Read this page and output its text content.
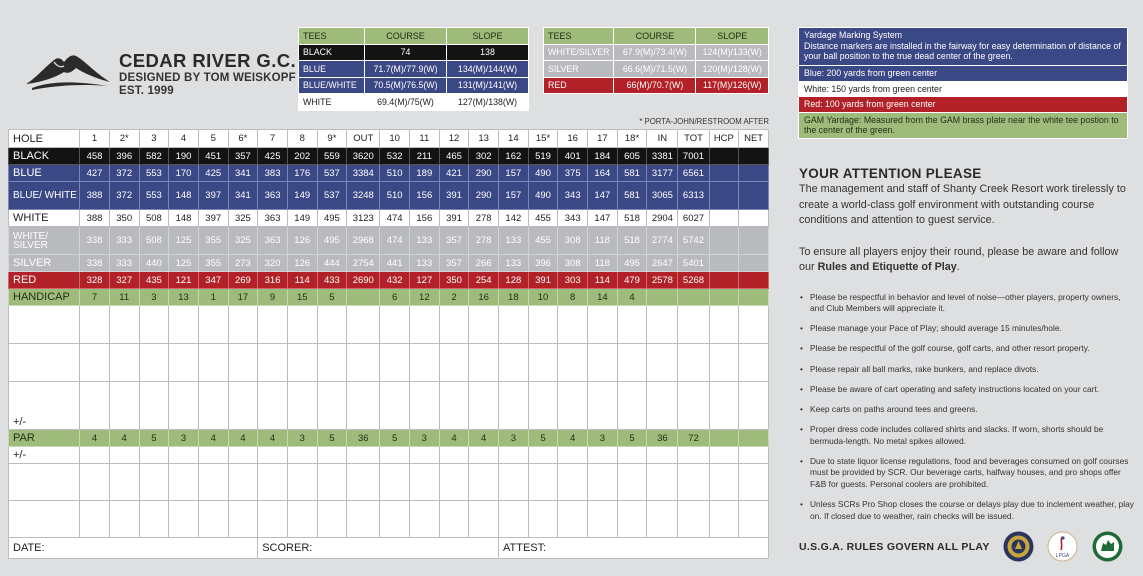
CEDAR RIVER G.C.
DESIGNED BY TOM WEISKOPF
EST. 1999
TEES	COURSE	SLOPE
BLACK	74	138
BLUE	71.7(M)/77.9(W)	134(M)/144(W)
BLUE/WHITE	70.5(M)/76.5(W)	131(M)/141(W)
WHITE	69.4(M)/75(W)	127(M)/138(W)
TEES	COURSE	SLOPE
WHITE/SILVER	67.9(M)/73.4(W)	124(M)/133(W)
SILVER	66.6(M)/71.5(W)	120(M)/128(W)
RED	66(M)/70.7(W)	117(M)/126(W)
* PORTA-JOHN/RESTROOM AFTER
HOLE	1	2*	3	4	5	6*	7	8	9*	OUT	10	11	12	13	14	15*	16	17	18*	IN	TOT	HCP	NET
BLACK	458	396	582	190	451	357	425	202	559	3620	532	211	465	302	162	519	401	184	605	3381	7001		
BLUE	427	372	553	170	425	341	383	176	537	3384	510	189	421	290	157	490	375	164	581	3177	6561		
BLUE/ WHITE	388	372	553	148	397	341	363	149	537	3248	510	156	391	290	157	490	343	147	581	3065	6313		
WHITE	388	350	508	148	397	325	363	149	495	3123	474	156	391	278	142	455	343	147	518	2904	6027		
WHITE/ SILVER	338	333	508	125	355	325	363	126	495	2968	474	133	357	278	133	455	308	118	518	2774	5742		
SILVER	338	333	440	125	355	273	320	126	444	2754	441	133	357	266	133	396	308	118	495	2647	5401		
RED	328	327	435	121	347	269	316	114	433	2690	432	127	350	254	128	391	303	114	479	2578	5268		
HANDICAP	7	11	3	13	1	17	9	15	5		6	12	2	16	18	10	8	14	4				

+/-																							
PAR	4	4	5	3	4	4	4	3	5	36	5	3	4	4	3	5	4	3	5	36	72		
+/-																							

DATE:							SCORER:								ATTEST:								
Yardage Marking System
Distance markers are installed in the fairway for easy determination of distance of your ball position to the true dead center of the green.

Blue: 200 yards from green center
White: 150 yards from green center
Red: 100 yards from green center
GAM Yardage: Measured from the GAM brass plate near the white tee postion to the center of the green.
YOUR ATTENTION PLEASE

The management and staff of Shanty Creek Resort work tirelessly to create a world-class golf environment with outstanding course conditions and attention to guest service.

To ensure all players enjoy their round, please be aware and follow our Rules and Etiquette of Play.

• Please be respectful in behavior and level of noise—other players, property owners, and Club Members will appreciate it.
• Please manage your Pace of Play; should average 15 minutes/hole.
• Please be respectful of the golf course, golf carts, and other resort property.
• Please repair all ball marks, rake bunkers, and replace divots.
• Please be aware of cart operating and safety instructions located on your cart.
• Keep carts on paths around tees and greens.
• Proper dress code includes collared shirts and slacks. If worn, shorts should be bermuda-length. No metal spikes allowed.
• Due to state liquor license regulations, food and beverages consumed on golf courses must be provided by SCR. Our beverage carts, halfway houses, and pro shops offer F&B for guests. Personal coolers are prohibited.
• Unless SCRs Pro Shop closes the course or delays play due to inclement weather, play on. If closed due to weather, rain checks will be issued.
U.S.G.A. RULES GOVERN ALL PLAY
LPGA
